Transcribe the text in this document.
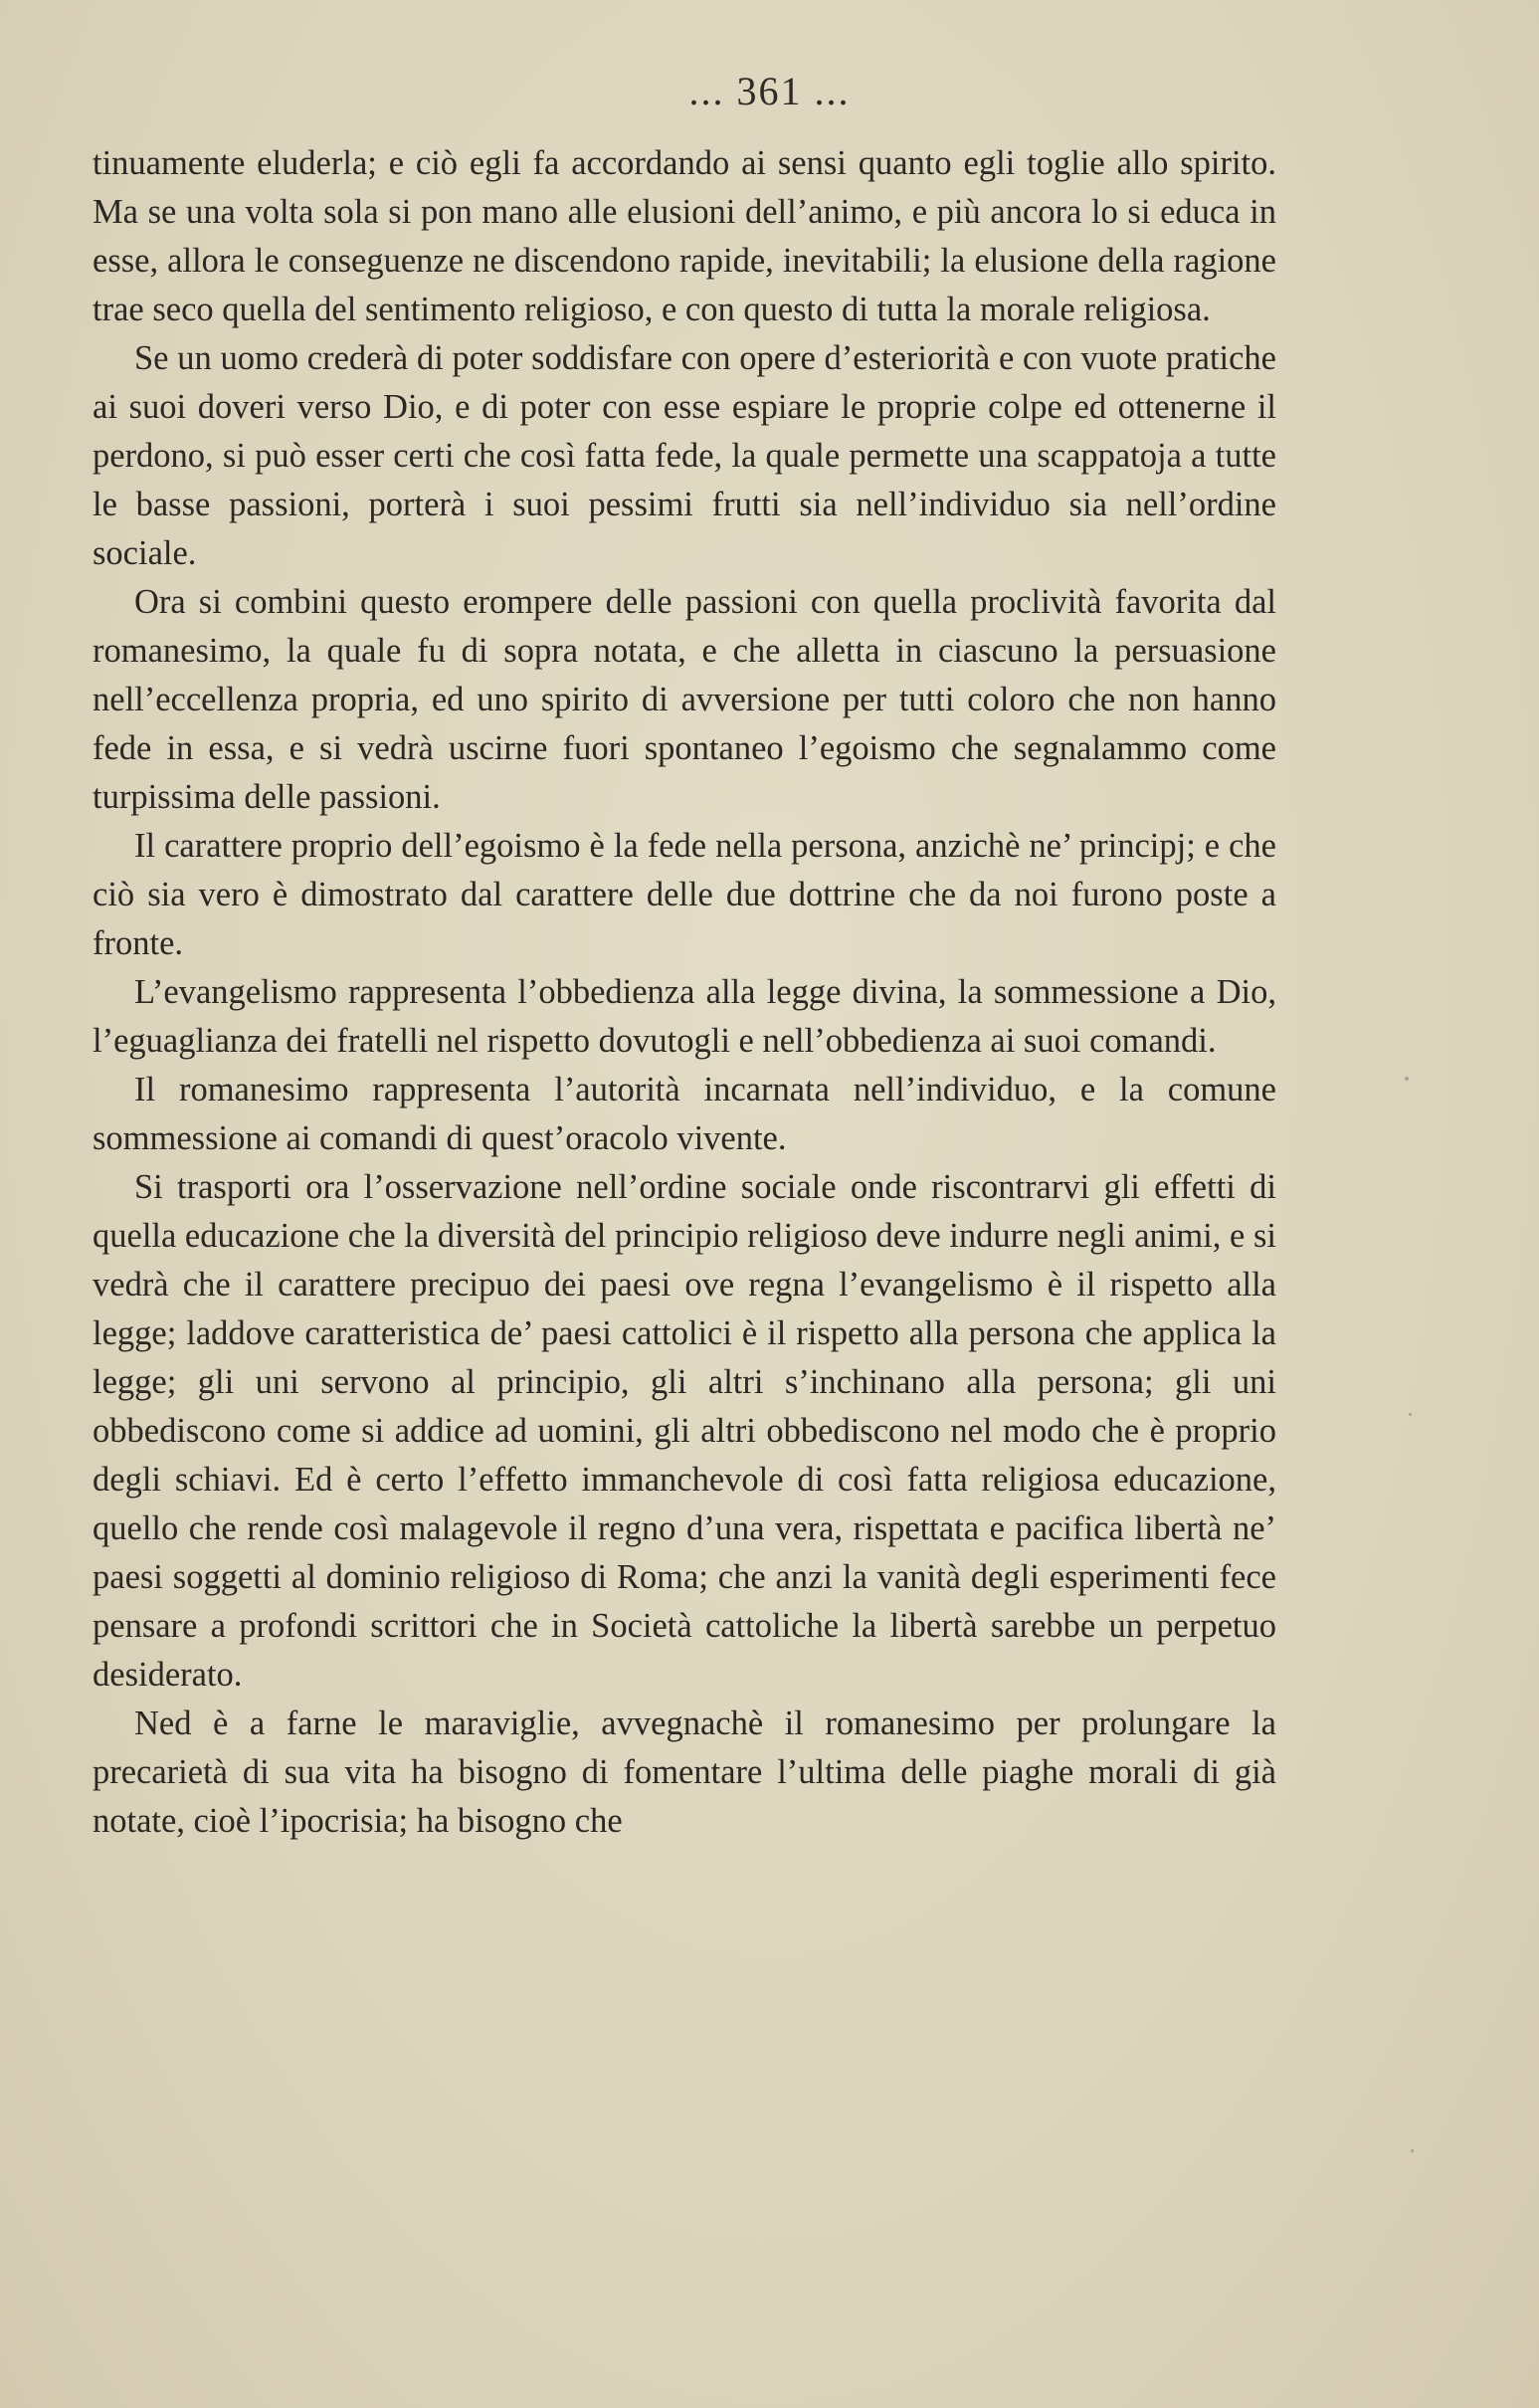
... 361 ...

tinuamente eluderla; e ciò egli fa accordando ai sensi quanto egli toglie allo spirito. Ma se una volta sola si pon mano alle elusioni dell’animo, e più ancora lo si educa in esse, allora le conseguenze ne discendono rapide, inevitabili; la elusione della ragione trae seco quella del sentimento religioso, e con questo di tutta la morale religiosa.

Se un uomo crederà di poter soddisfare con opere d’esteriorità e con vuote pratiche ai suoi doveri verso Dio, e di poter con esse espiare le proprie colpe ed ottenerne il perdono, si può esser certi che così fatta fede, la quale permette una scappatoja a tutte le basse passioni, porterà i suoi pessimi frutti sia nell’individuo sia nell’ordine sociale.

Ora si combini questo erompere delle passioni con quella proclività favorita dal romanesimo, la quale fu di sopra notata, e che alletta in ciascuno la persuasione nell’eccellenza propria, ed uno spirito di avversione per tutti coloro che non hanno fede in essa, e si vedrà uscirne fuori spontaneo l’egoismo che segnalammo come turpissima delle passioni.

Il carattere proprio dell’egoismo è la fede nella persona, anzichè ne’ principj; e che ciò sia vero è dimostrato dal carattere delle due dottrine che da noi furono poste a fronte.

L’evangelismo rappresenta l’obbedienza alla legge divina, la sommessione a Dio, l’eguaglianza dei fratelli nel rispetto dovutogli e nell’obbedienza ai suoi comandi.

Il romanesimo rappresenta l’autorità incarnata nell’individuo, e la comune sommessione ai comandi di quest’oracolo vivente.

Si trasporti ora l’osservazione nell’ordine sociale onde riscontrarvi gli effetti di quella educazione che la diversità del principio religioso deve indurre negli animi, e si vedrà che il carattere precipuo dei paesi ove regna l’evangelismo è il rispetto alla legge; laddove caratteristica de’ paesi cattolici è il rispetto alla persona che applica la legge; gli uni servono al principio, gli altri s’inchinano alla persona; gli uni obbediscono come si addice ad uomini, gli altri obbediscono nel modo che è proprio degli schiavi. Ed è certo l’effetto immanchevole di così fatta religiosa educazione, quello che rende così malagevole il regno d’una vera, rispettata e pacifica libertà ne’ paesi soggetti al dominio religioso di Roma; che anzi la vanità degli esperimenti fece pensare a profondi scrittori che in Società cattoliche la libertà sarebbe un perpetuo desiderato.

Ned è a farne le maraviglie, avvegnachè il romanesimo per prolungare la precarietà di sua vita ha bisogno di fomentare l’ultima delle piaghe morali di già notate, cioè l’ipocrisia; ha bisogno che
